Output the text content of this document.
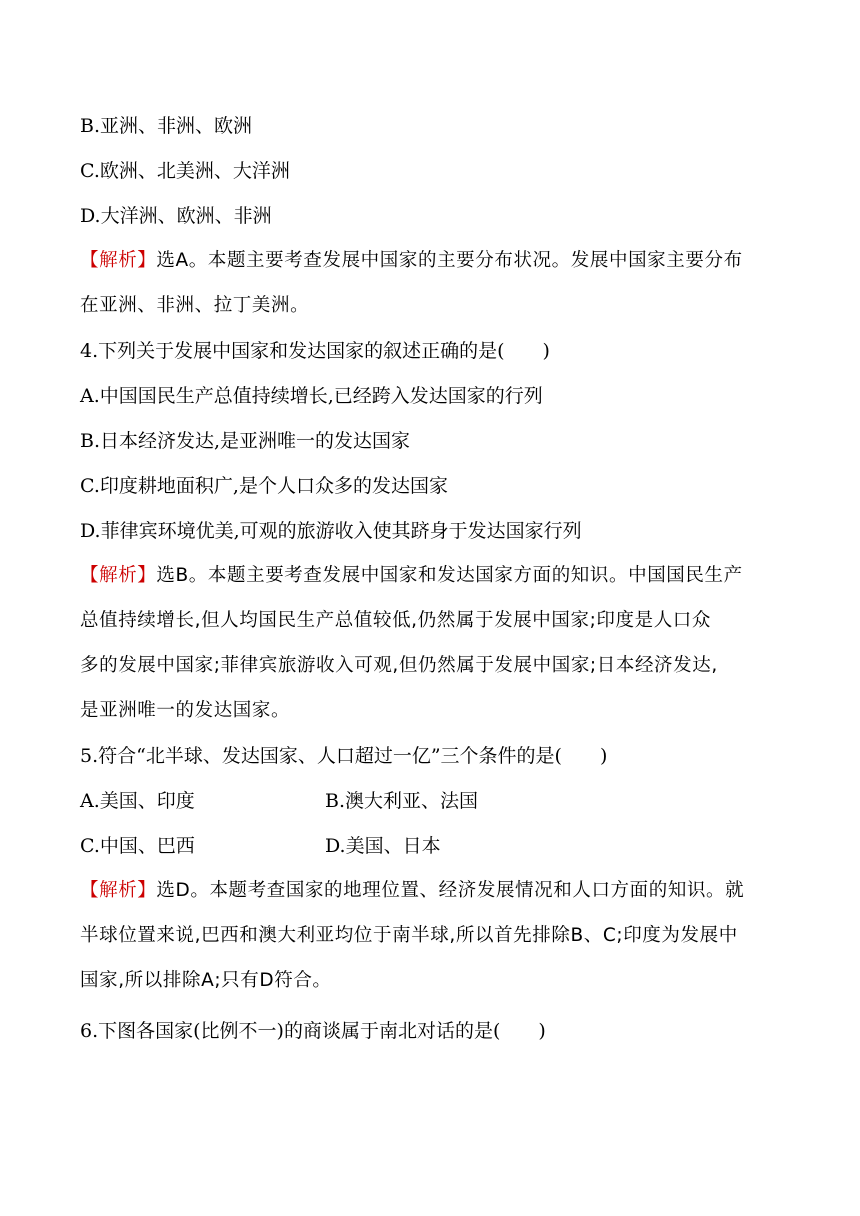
B.亚洲、非洲、欧洲
C.欧洲、北美洲、大洋洲
D.大洋洲、欧洲、非洲
【解析】选A。本题主要考查发展中国家的主要分布状况。发展中国家主要分布
在亚洲、非洲、拉丁美洲。
4.下列关于发展中国家和发达国家的叙述正确的是(　　)
A.中国国民生产总值持续增长,已经跨入发达国家的行列
B.日本经济发达,是亚洲唯一的发达国家
C.印度耕地面积广,是个人口众多的发达国家
D.菲律宾环境优美,可观的旅游收入使其跻身于发达国家行列
【解析】选B。本题主要考查发展中国家和发达国家方面的知识。中国国民生产
总值持续增长,但人均国民生产总值较低,仍然属于发展中国家;印度是人口众
多的发展中国家;菲律宾旅游收入可观,但仍然属于发展中国家;日本经济发达,
是亚洲唯一的发达国家。
5.符合“北半球、发达国家、人口超过一亿”三个条件的是(　　)
A.美国、印度	B.澳大利亚、法国
C.中国、巴西	D.美国、日本
【解析】选D。本题考查国家的地理位置、经济发展情况和人口方面的知识。就
半球位置来说,巴西和澳大利亚均位于南半球,所以首先排除B、C;印度为发展中
国家,所以排除A;只有D符合。
6.下图各国家(比例不一)的商谈属于南北对话的是(　　)
